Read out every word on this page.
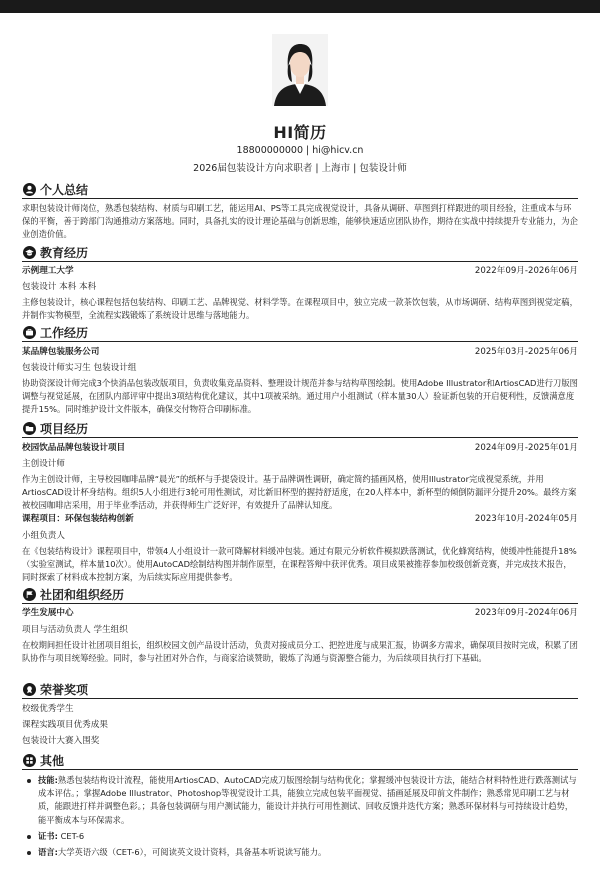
HI简历
18800000000 | hi@hicv.cn
2026届包装设计方向求职者 | 上海市 | 包装设计师
个人总结

求职包装设计师岗位，熟悉包装结构、材质与印刷工艺，能运用AI、PS等工具完成视觉设计，具备从调研、草图到打样跟进的项目经验，注重成本与环保的平衡，善于跨部门沟通推动方案落地。同时，具备扎实的设计理论基础与创新思维，能够快速适应团队协作，期待在实战中持续提升专业能力，为企业创造价值。

教育经历
示例理工大学	2022年09月-2026年06月
包装设计 本科 本科

主修包装设计，核心课程包括包装结构、印刷工艺、品牌视觉、材料学等。在课程项目中，独立完成一款茶饮包装，从市场调研、结构草图到视觉定稿，并制作实物模型，全流程实践锻炼了系统设计思维与落地能力。

工作经历
某品牌包装服务公司	2025年03月-2025年06月
包装设计师实习生 包装设计组

协助资深设计师完成3个快消品包装改版项目，负责收集竞品资料、整理设计规范并参与结构草图绘制。使用Adobe Illustrator和ArtiosCAD进行刀版图调整与视觉延展，在团队内部评审中提出3项结构优化建议，其中1项被采纳。通过用户小组测试（样本量30人）验证新包装的开启便利性，反馈满意度提升15%。同时维护设计文件版本，确保交付物符合印刷标准。

项目经历
校园饮品品牌包装设计项目	2024年09月-2025年01月
主创设计师

作为主创设计师，主导校园咖啡品牌“晨光”的纸杯与手提袋设计。基于品牌调性调研，确定简约插画风格，使用Illustrator完成视觉系统，并用ArtiosCAD设计杯身结构。组织5人小组进行3轮可用性测试，对比新旧杯型的握持舒适度，在20人样本中，新杯型的倾倒防漏评分提升20%。最终方案被校园咖啡店采用，用于毕业季活动，并获得师生广泛好评，有效提升了品牌认知度。

课程项目：环保包装结构创新	2023年10月-2024年05月
小组负责人

在《包装结构设计》课程项目中，带领4人小组设计一款可降解材料缓冲包装。通过有限元分析软件模拟跌落测试，优化蜂窝结构，使缓冲性能提升18%（实验室测试，样本量10次）。使用AutoCAD绘制结构图并制作原型，在课程答辩中获评优秀。项目成果被推荐参加校级创新竞赛，并完成技术报告，同时探索了材料成本控制方案，为后续实际应用提供参考。

社团和组织经历
学生发展中心	2023年09月-2024年06月
项目与活动负责人 学生组织

在校期间担任设计社团项目组长，组织校园文创产品设计活动，负责对接成员分工、把控进度与成果汇报，协调多方需求，确保项目按时完成，积累了团队协作与项目统筹经验。同时，参与社团对外合作，与商家洽谈赞助，锻炼了沟通与资源整合能力，为后续项目执行打下基础。

荣誉奖项
校级优秀学生
课程实践项目优秀成果
包装设计大赛入围奖
其他
技能:熟悉包装结构设计流程，能使用ArtiosCAD、AutoCAD完成刀版图绘制与结构优化；掌握缓冲包装设计方法，能结合材料特性进行跌落测试与成本评估。；掌握Adobe Illustrator、Photoshop等视觉设计工具，能独立完成包装平面视觉、插画延展及印前文件制作；熟悉常见印刷工艺与材质，能跟进打样并调整色彩。；具备包装调研与用户测试能力，能设计并执行可用性测试、回收反馈并迭代方案；熟悉环保材料与可持续设计趋势，能平衡成本与环保需求。
证书: CET-6
语言:大学英语六级（CET-6），可阅读英文设计资料，具备基本听说读写能力。
